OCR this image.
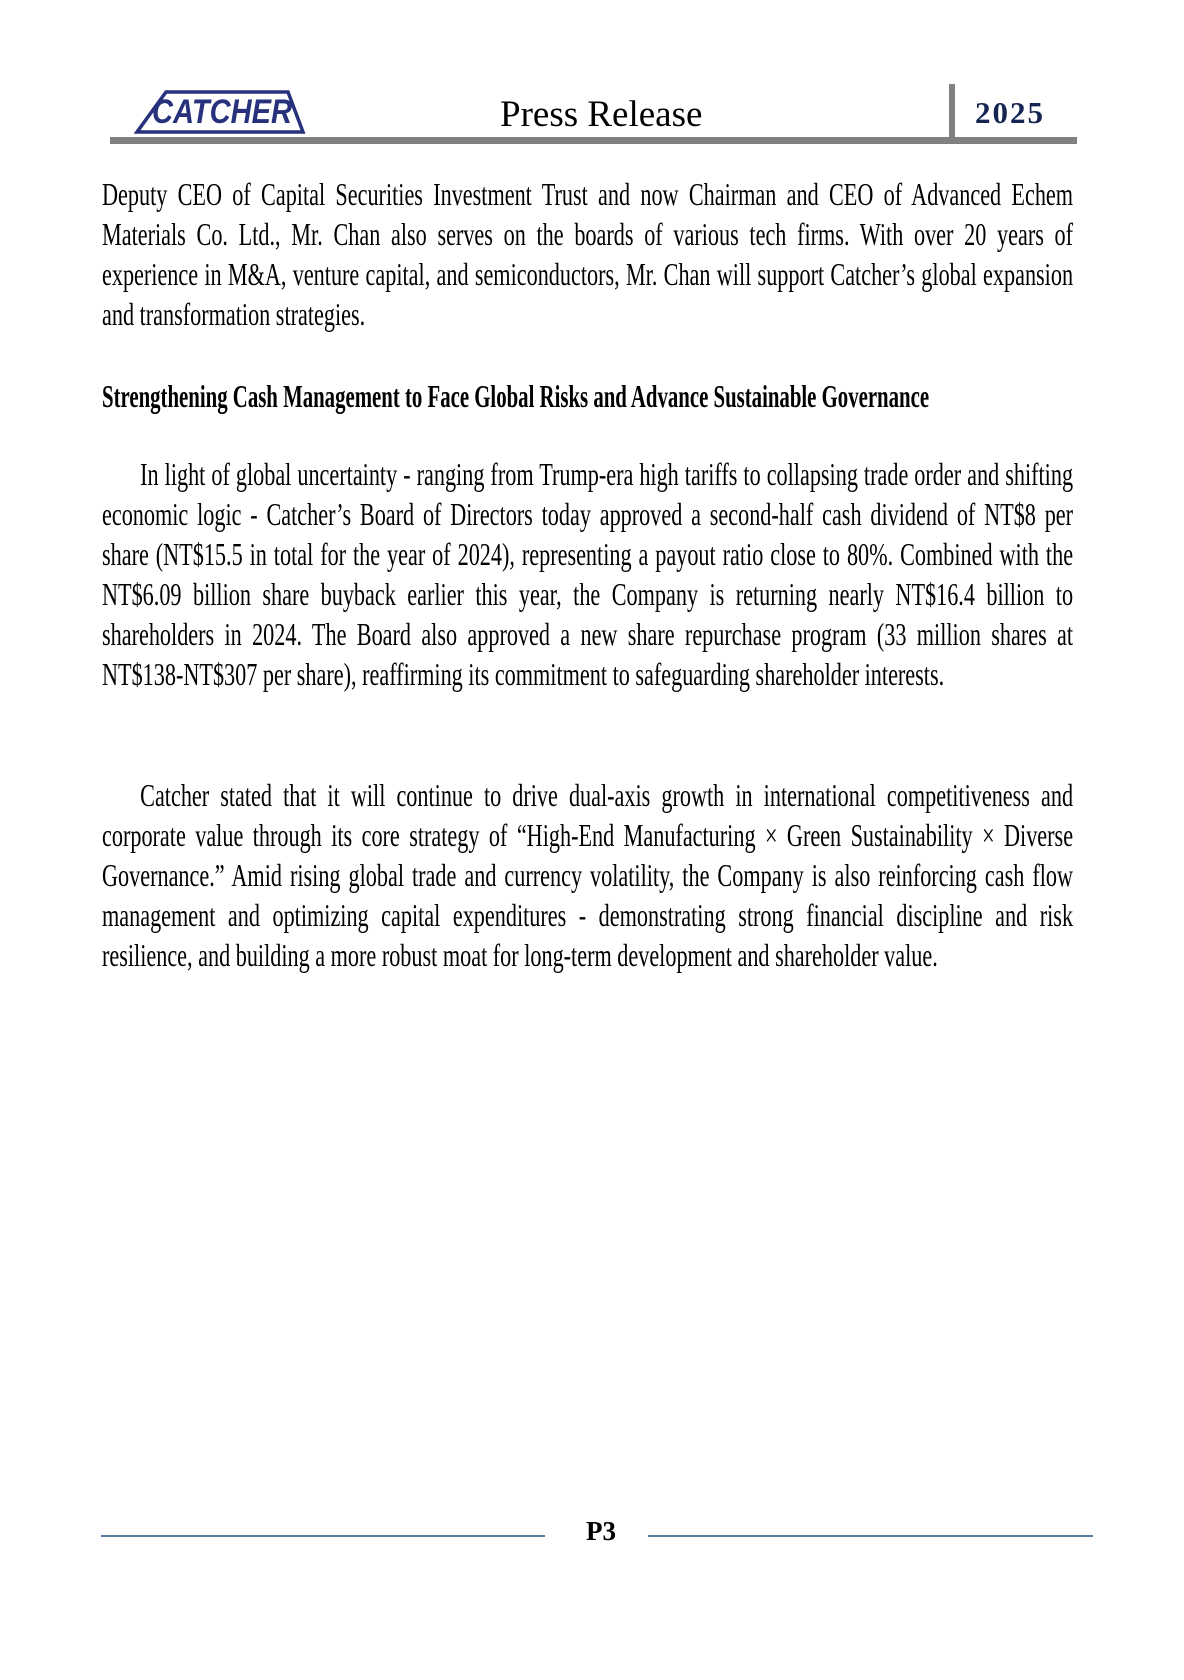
CATCHER	Press Release	2025

Deputy CEO of Capital Securities Investment Trust and now Chairman and CEO of Advanced Echem Materials Co. Ltd., Mr. Chan also serves on the boards of various tech firms. With over 20 years of experience in M&A, venture capital, and semiconductors, Mr. Chan will support Catcher’s global expansion and transformation strategies.

Strengthening Cash Management to Face Global Risks and Advance Sustainable Governance

In light of global uncertainty - ranging from Trump-era high tariffs to collapsing trade order and shifting economic logic - Catcher’s Board of Directors today approved a second-half cash dividend of NT$8 per share (NT$15.5 in total for the year of 2024), representing a payout ratio close to 80%. Combined with the NT$6.09 billion share buyback earlier this year, the Company is returning nearly NT$16.4 billion to shareholders in 2024. The Board also approved a new share repurchase program (33 million shares at NT$138-NT$307 per share), reaffirming its commitment to safeguarding shareholder interests.

Catcher stated that it will continue to drive dual-axis growth in international competitiveness and corporate value through its core strategy of “High-End Manufacturing × Green Sustainability × Diverse Governance.” Amid rising global trade and currency volatility, the Company is also reinforcing cash flow management and optimizing capital expenditures - demonstrating strong financial discipline and risk resilience, and building a more robust moat for long-term development and shareholder value.

P3
